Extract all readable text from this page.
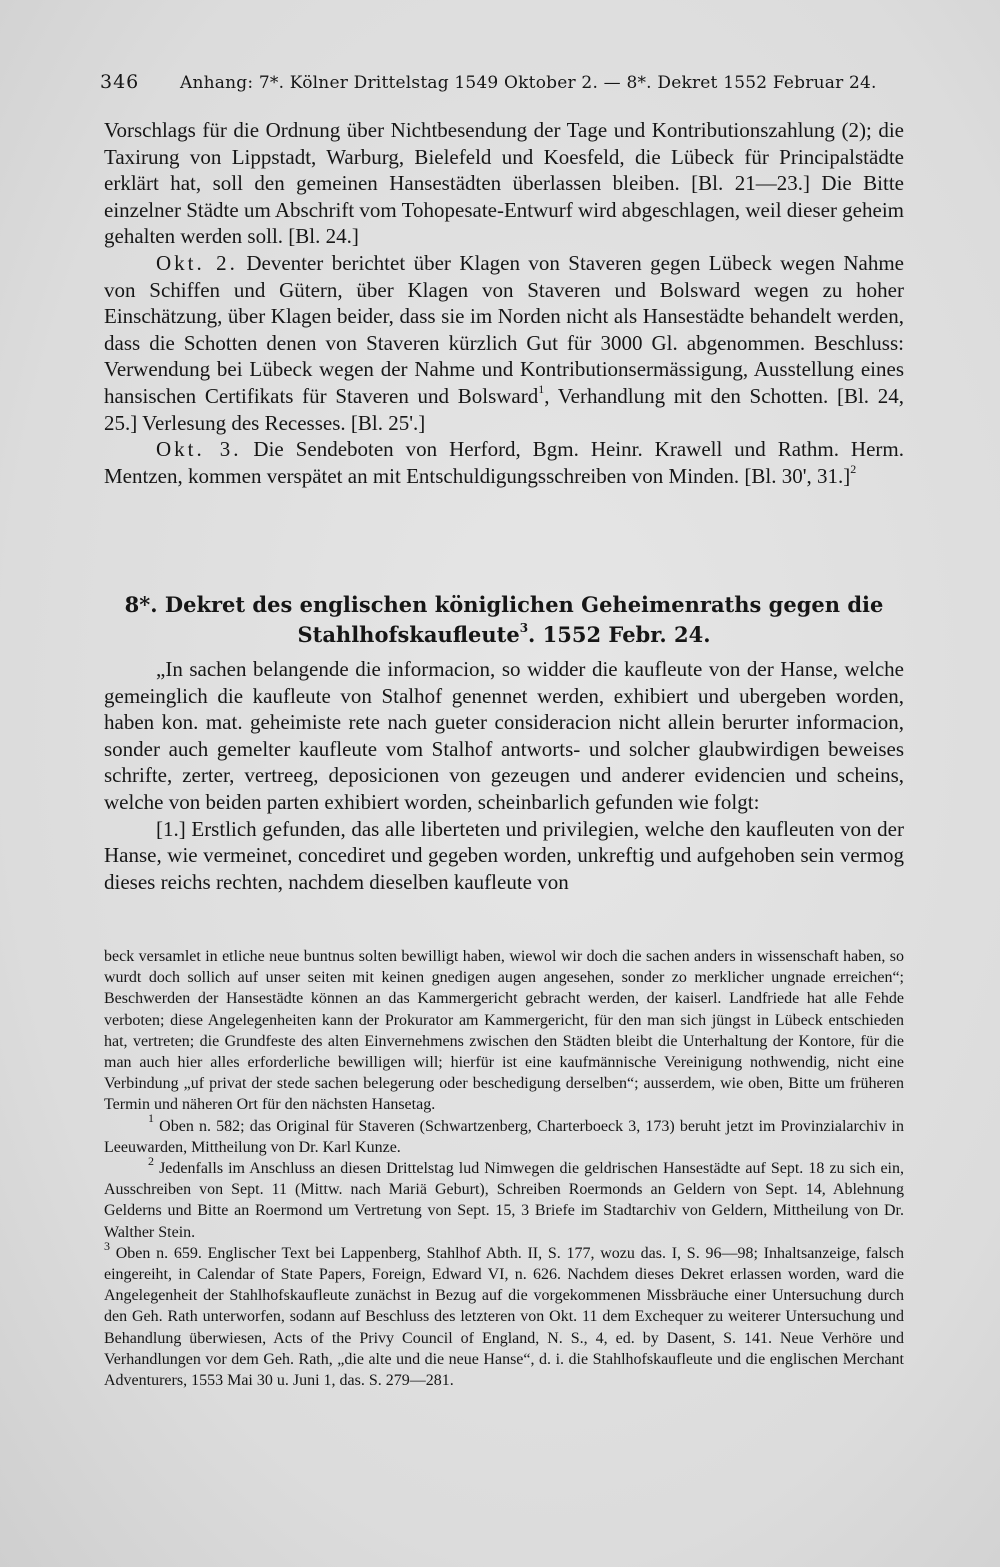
346 Anhang: 7*. Kölner Drittelstag 1549 Oktober 2. — 8*. Dekret 1552 Februar 24.

Vorschlags für die Ordnung über Nichtbesendung der Tage und Kontributionszahlung (2); die Taxirung von Lippstadt, Warburg, Bielefeld und Koesfeld, die Lübeck für Principalstädte erklärt hat, soll den gemeinen Hansestädten überlassen bleiben. [Bl. 21—23.] Die Bitte einzelner Städte um Abschrift vom Tohopesate-Entwurf wird abgeschlagen, weil dieser geheim gehalten werden soll. [Bl. 24.]

Okt. 2. Deventer berichtet über Klagen von Staveren gegen Lübeck wegen Nahme von Schiffen und Gütern, über Klagen von Staveren und Bolsward wegen zu hoher Einschätzung, über Klagen beider, dass sie im Norden nicht als Hansestädte behandelt werden, dass die Schotten denen von Staveren kürzlich Gut für 3000 Gl. abgenommen. Beschluss: Verwendung bei Lübeck wegen der Nahme und Kontributionsermässigung, Ausstellung eines hansischen Certifikats für Staveren und Bolsward$^1$, Verhandlung mit den Schotten. [Bl. 24, 25.] Verlesung des Recesses. [Bl. 25'.]

Okt. 3. Die Sendeboten von Herford, Bgm. Heinr. Krawell und Rathm. Herm. Mentzen, kommen verspätet an mit Entschuldigungsschreiben von Minden. [Bl. 30', 31.]$^2$

8*. Dekret des englischen königlichen Geheimenraths gegen die Stahlhofskaufleute$^3$. 1552 Febr. 24.

„In sachen belangende die informacion, so widder die kaufleute von der Hanse, welche gemeinglich die kaufleute von Stalhof genennet werden, exhibiert und ubergeben worden, haben kon. mat. geheimiste rete nach gueter consideracion nicht allein berurter informacion, sonder auch gemelter kaufleute vom Stalhof antworts- und solcher glaubwirdigen beweises schrifte, zerter, vertreeg, deposicionen von gezeugen und anderer evidencien und scheins, welche von beiden parten exhibiert worden, scheinbarlich gefunden wie folgt:

[1.] Erstlich gefunden, das alle liberteten und privilegien, welche den kaufleuten von der Hanse, wie vermeinet, concediret und gegeben worden, unkreftig und aufgehoben sein vermog dieses reichs rechten, nachdem dieselben kaufleute von

beck versamlet in etliche neue buntnus solten bewilligt haben, wiewol wir doch die sachen anders in wissenschaft haben, so wurdt doch sollich auf unser seiten mit keinen gnedigen augen angesehen, sonder zo merklicher ungnade erreichen“; Beschwerden der Hansestädte können an das Kammergericht gebracht werden, der kaiserl. Landfriede hat alle Fehde verboten; diese Angelegenheiten kann der Prokurator am Kammergericht, für den man sich jüngst in Lübeck entschieden hat, vertreten; die Grundfeste des alten Einvernehmens zwischen den Städten bleibt die Unterhaltung der Kontore, für die man auch hier alles erforderliche bewilligen will; hierfür ist eine kaufmännische Vereinigung nothwendig, nicht eine Verbindung „uf privat der stede sachen belegerung oder beschedigung derselben“; ausserdem, wie oben, Bitte um früheren Termin und näheren Ort für den nächsten Hansetag.

$^1$ Oben n. 582; das Original für Staveren (Schwartzenberg, Charterboeck 3, 173) beruht jetzt im Provinzialarchiv in Leeuwarden, Mittheilung von Dr. Karl Kunze.

$^2$ Jedenfalls im Anschluss an diesen Drittelstag lud Nimwegen die geldrischen Hansestädte auf Sept. 18 zu sich ein, Ausschreiben von Sept. 11 (Mittw. nach Mariä Geburt), Schreiben Roermonds an Geldern von Sept. 14, Ablehnung Gelderns und Bitte an Roermond um Vertretung von Sept. 15, 3 Briefe im Stadtarchiv von Geldern, Mittheilung von Dr. Walther Stein.

$^3$ Oben n. 659. Englischer Text bei Lappenberg, Stahlhof Abth. II, S. 177, wozu das. I, S. 96—98; Inhaltsanzeige, falsch eingereiht, in Calendar of State Papers, Foreign, Edward VI, n. 626. Nachdem dieses Dekret erlassen worden, ward die Angelegenheit der Stahlhofskaufleute zunächst in Bezug auf die vorgekommenen Missbräuche einer Untersuchung durch den Geh. Rath unterworfen, sodann auf Beschluss des letzteren von Okt. 11 dem Exchequer zu weiterer Untersuchung und Behandlung überwiesen, Acts of the Privy Council of England, N. S., 4, ed. by Dasent, S. 141. Neue Verhöre und Verhandlungen vor dem Geh. Rath, „die alte und die neue Hanse“, d. i. die Stahlhofskaufleute und die englischen Merchant Adventurers, 1553 Mai 30 u. Juni 1, das. S. 279—281.
